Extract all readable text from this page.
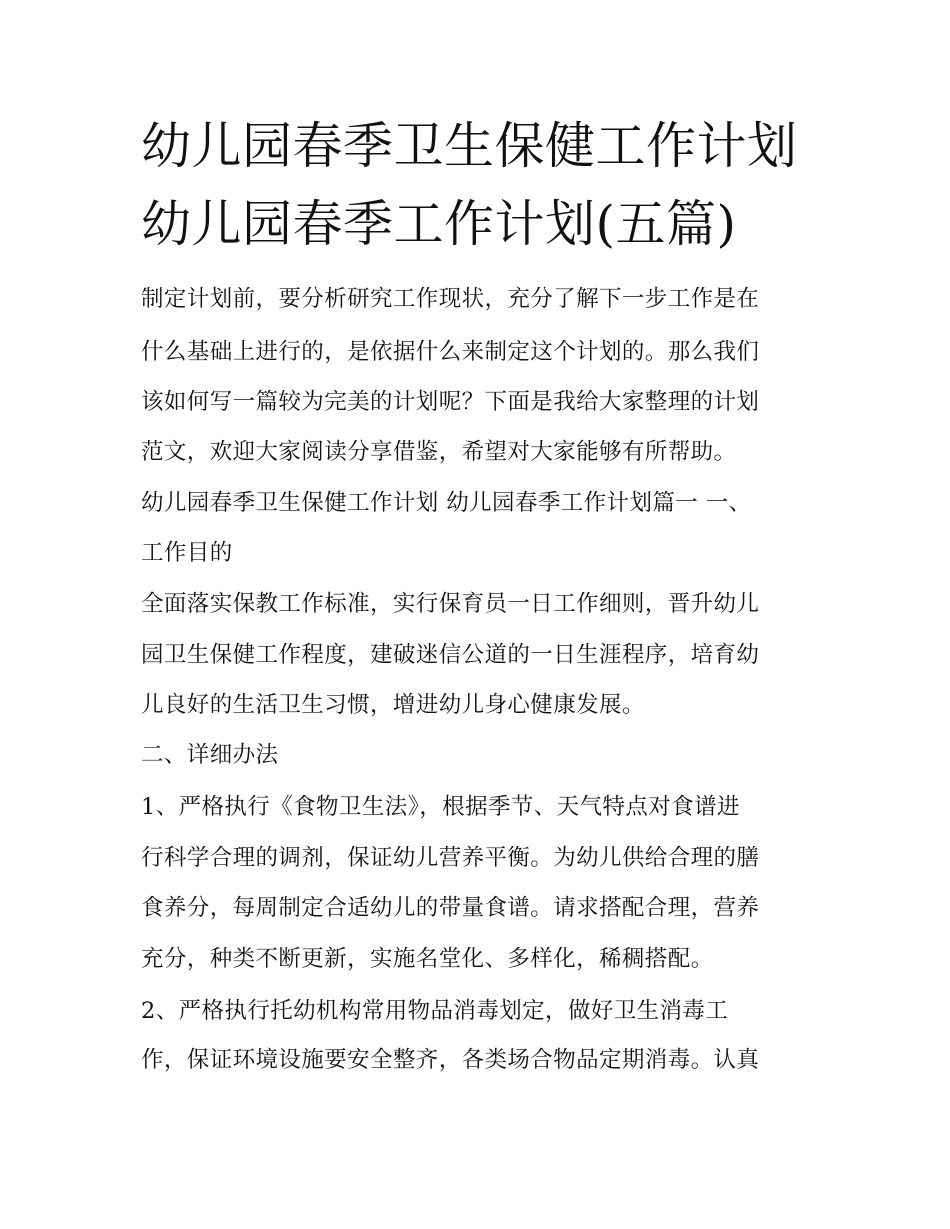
幼儿园春季卫生保健工作计划
幼儿园春季工作计划(五篇)
制定计划前，要分析研究工作现状，充分了解下一步工作是在
什么基础上进行的，是依据什么来制定这个计划的。那么我们
该如何写一篇较为完美的计划呢？下面是我给大家整理的计划
范文，欢迎大家阅读分享借鉴，希望对大家能够有所帮助。
幼儿园春季卫生保健工作计划 幼儿园春季工作计划篇一 一、
工作目的
全面落实保教工作标准，实行保育员一日工作细则，晋升幼儿
园卫生保健工作程度，建破迷信公道的一日生涯程序，培育幼
儿良好的生活卫生习惯，增进幼儿身心健康发展。
二、详细办法
1、严格执行《食物卫生法》，根据季节、天气特点对食谱进
行科学合理的调剂，保证幼儿营养平衡。为幼儿供给合理的膳
食养分，每周制定合适幼儿的带量食谱。请求搭配合理，营养
充分，种类不断更新，实施名堂化、多样化，稀稠搭配。
2、严格执行托幼机构常用物品消毒划定，做好卫生消毒工
作，保证环境设施要安全整齐，各类场合物品定期消毒。认真
